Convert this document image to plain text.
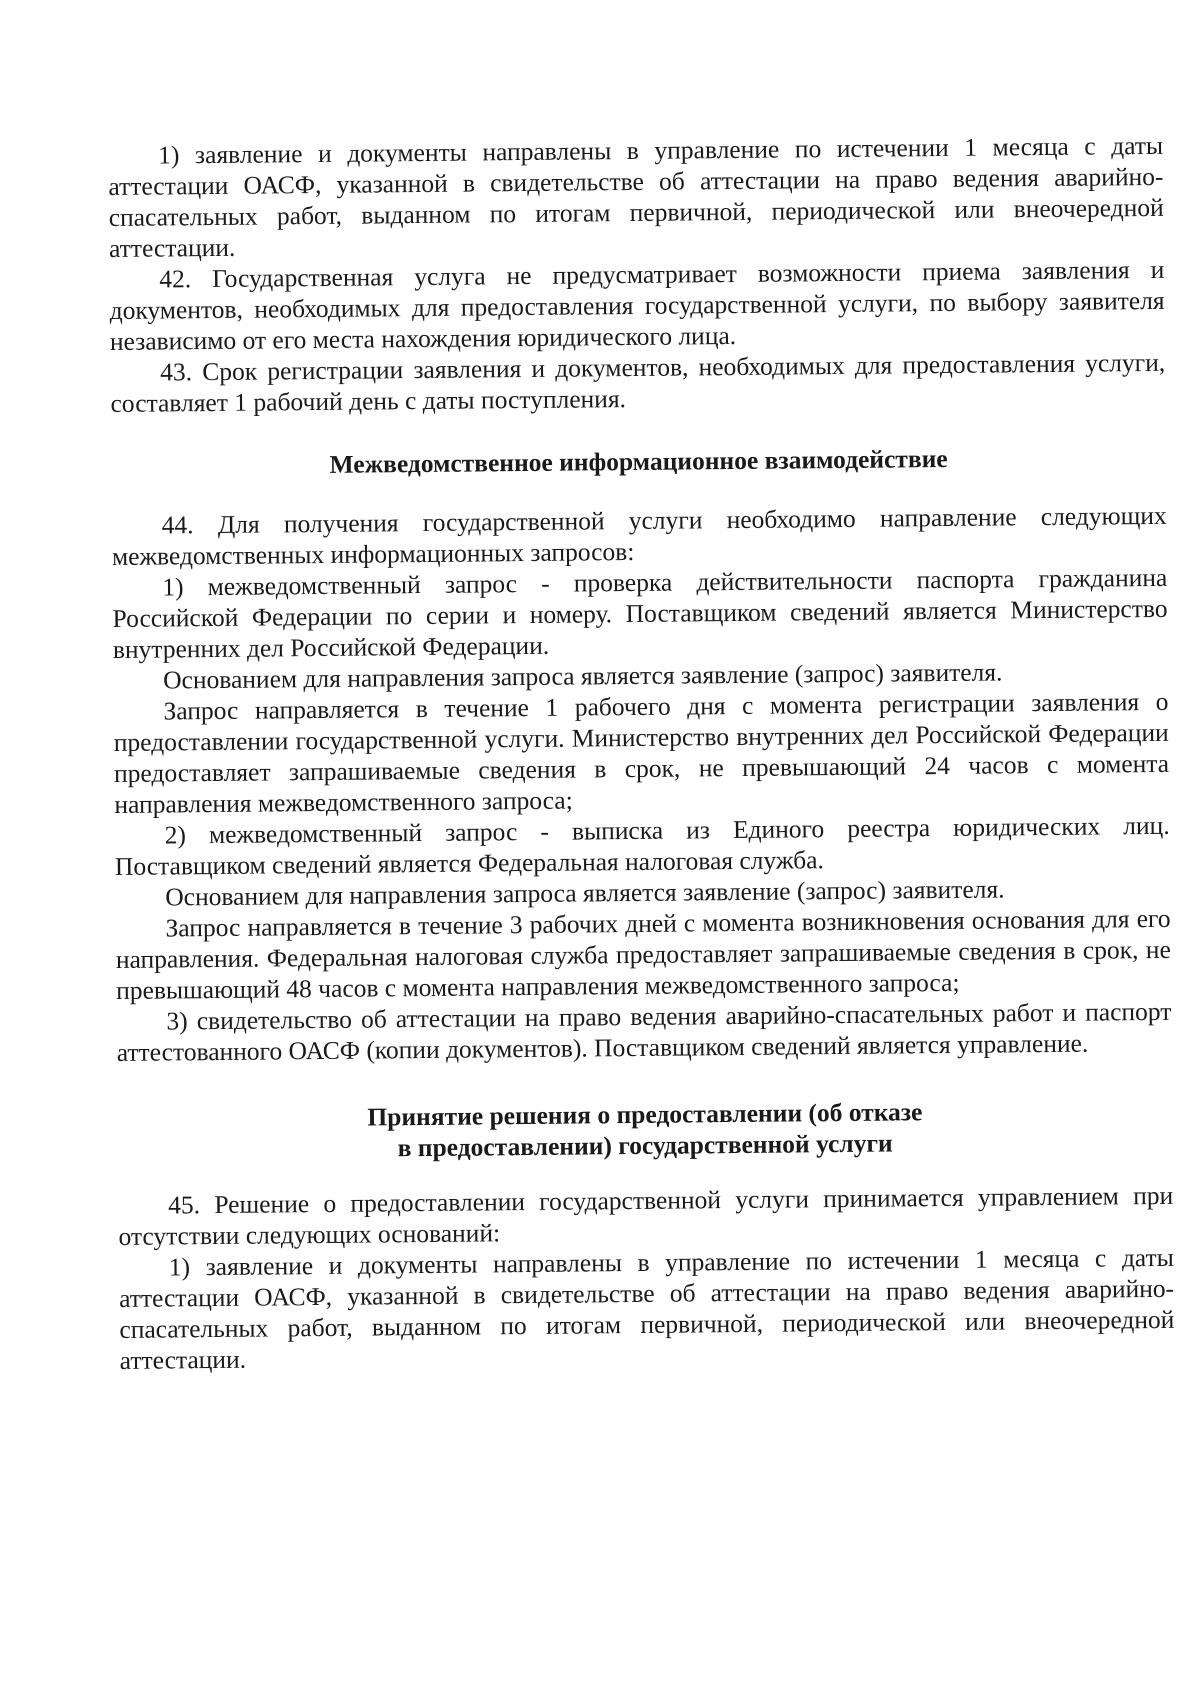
1) заявление и документы направлены в управление по истечении 1 месяца с даты аттестации ОАСФ, указанной в свидетельстве об аттестации на право ведения аварийно-спасательных работ, выданном по итогам первичной, периодической или внеочередной аттестации.

42. Государственная услуга не предусматривает возможности приема заявления и документов, необходимых для предоставления государственной услуги, по выбору заявителя независимо от его места нахождения юридического лица.

43. Срок регистрации заявления и документов, необходимых для предоставления услуги, составляет 1 рабочий день с даты поступления.

Межведомственное информационное взаимодействие

44. Для получения государственной услуги необходимо направление следующих межведомственных информационных запросов:

1) межведомственный запрос - проверка действительности паспорта гражданина Российской Федерации по серии и номеру. Поставщиком сведений является Министерство внутренних дел Российской Федерации.

Основанием для направления запроса является заявление (запрос) заявителя.

Запрос направляется в течение 1 рабочего дня с момента регистрации заявления о предоставлении государственной услуги. Министерство внутренних дел Российской Федерации предоставляет запрашиваемые сведения в срок, не превышающий 24 часов с момента направления межведомственного запроса;

2) межведомственный запрос - выписка из Единого реестра юридических лиц. Поставщиком сведений является Федеральная налоговая служба.

Основанием для направления запроса является заявление (запрос) заявителя.

Запрос направляется в течение 3 рабочих дней с момента возникновения основания для его направления. Федеральная налоговая служба предоставляет запрашиваемые сведения в срок, не превышающий 48 часов с момента направления межведомственного запроса;

3) свидетельство об аттестации на право ведения аварийно-спасательных работ и паспорт аттестованного ОАСФ (копии документов). Поставщиком сведений является управление.

Принятие решения о предоставлении (об отказе
в предоставлении) государственной услуги

45. Решение о предоставлении государственной услуги принимается управлением при отсутствии следующих оснований:

1) заявление и документы направлены в управление по истечении 1 месяца с даты аттестации ОАСФ, указанной в свидетельстве об аттестации на право ведения аварийно-спасательных работ, выданном по итогам первичной, периодической или внеочередной аттестации.
